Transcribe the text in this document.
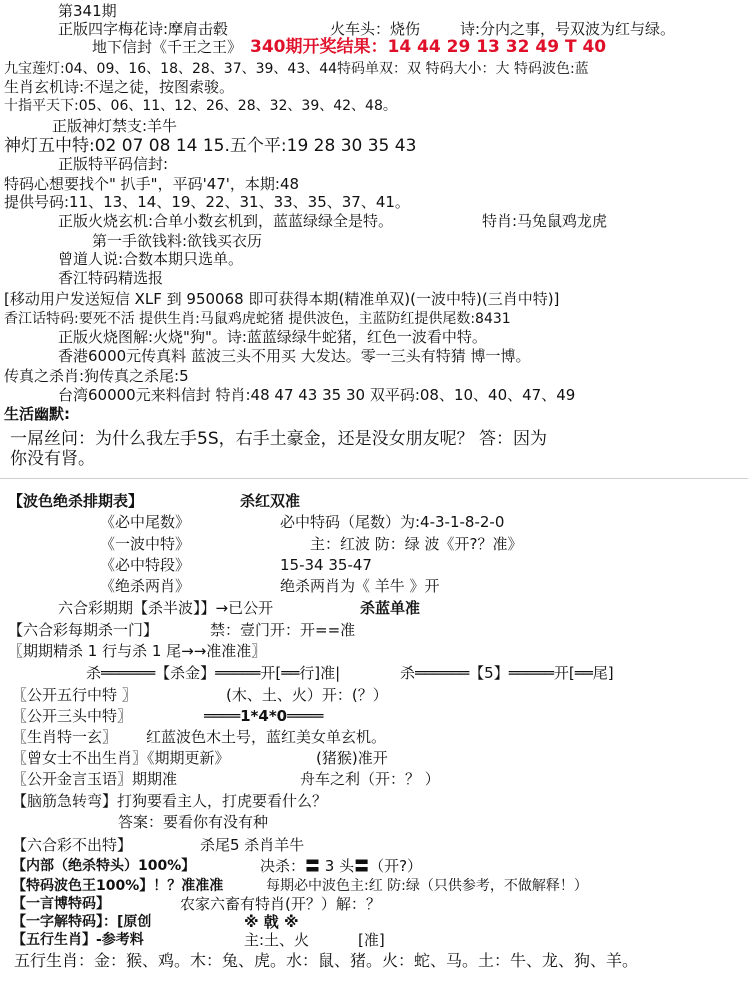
第341期
正版四字梅花诗:摩肩击毂	火车头：烧伤	诗:分内之事，号双波为红与绿。
地下信封《千王之王》 340期开奖结果：14 44 29 13 32 49 T 40
九宝莲灯:04、09、16、18、28、37、39、43、44特码单双：双 特码大小：大 特码波色:蓝
生肖玄机诗:不逞之徒，按图索骏。
十指平天下:05、06、11、12、26、28、32、39、42、48。
正版神灯禁支:羊牛
神灯五中特:02 07 08 14 15.五个平:19 28 30 35 43
正版特平码信封:
特码心想要找个" 扒手"，平码'47'，本期:48
提供号码:11、13、14、19、22、31、33、35、37、41。
正版火烧玄机:合单小数玄机到，蓝蓝绿绿全是特。	特肖:马兔鼠鸡龙虎
第一手欲钱料:欲钱买衣历
曾道人说:合数本期只选单。
香江特码精选报
[移动用户发送短信 XLF 到 950068 即可获得本期(精准单双)(一波中特)(三肖中特)]
香江话特码:要死不活 提供生肖:马鼠鸡虎蛇猪 提供波色，主蓝防红提供尾数:8431
正版火烧图解:火烧"狗"。诗:蓝蓝绿绿牛蛇猪，红色一波看中特。
香港6000元传真料 蓝波三头不用买 大发达。零一三头有特猜 博一博。
传真之杀肖:狗传真之杀尾:5
台湾60000元来料信封 特肖:48 47 43 35 30 双平码:08、10、40、47、49
生活幽默:
一屌丝问：为什么我左手5S，右手土豪金，还是没女朋友呢？ 答：因为
你没有肾。
【波色绝杀排期表】	杀红双准
《必中尾数》	必中特码（尾数）为:4-3-1-8-2-0
《一波中特》	主：红波 防：绿 波《开?？准》
《必中特段》	15-34 35-47
《绝杀两肖》	绝杀两肖为《 羊牛 》开
六合彩期期【杀半波】】→已公开	杀蓝单准
【六合彩每期杀一门】	禁：壹门开：开==准
〖期期精杀 1 行与杀 1 尾→→准准准〗
杀══════【杀金】═════开[══行]准|	杀══════【5】═════开[══尾]
〖公开五行中特 〗	(木、土、火）开：(？）
〖公开三头中特〗	════1*4*0════
〖生肖特一玄〗 红蓝波色木土号，蓝红美女单玄机。
〖曾女士不出生肖〗《期期更新》	(猪猴)准开
〖公开金言玉语〗期期准	舟车之利（开：？ ）
【脑筋急转弯】打狗要看主人，打虎要看什么？
答案：要看你有没有种
【六合彩不出特】	杀尾5 杀肖羊牛
【内部（绝杀特头）100%】	决杀：〓 3 头〓（开?）
【特码波色王100%】！？准准准	每期必中波色主:红 防:绿（只供参考，不做解释！）
【一言博特码】	农家六畜有特肖(开？）解：？
【一字解特码】：[原创	※ 戟 ※
【五行生肖】-参考料	主:土、火	[准]
五行生肖：金：猴、鸡。木：兔、虎。水：鼠、猪。火：蛇、马。土：牛、龙、狗、羊。
